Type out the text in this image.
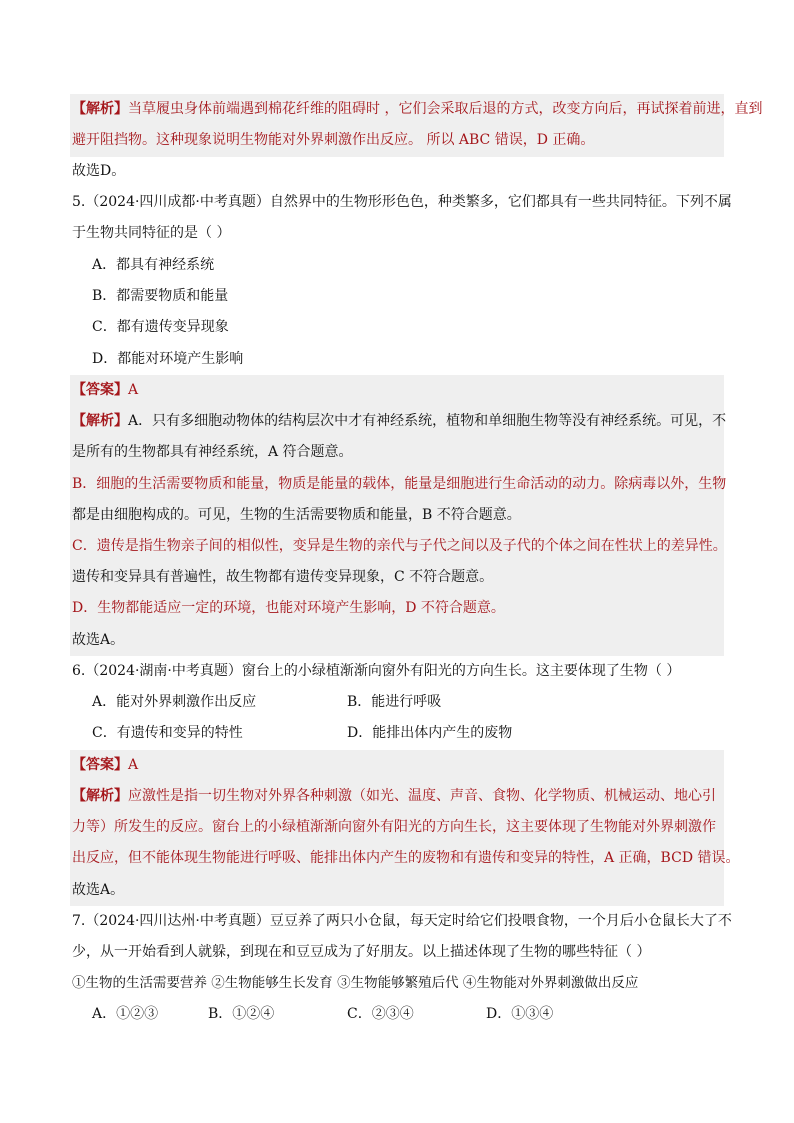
【解析】当草履虫身体前端遇到棉花纤维的阻碍时 ，它们会采取后退的方式，改变方向后，再试探着前进，直到
避开阻挡物。这种现象说明生物能对外界刺激作出反应。 所以 ABC 错误，D 正确。
故选D。
5.（2024·四川成都·中考真题）自然界中的生物形形色色，种类繁多，它们都具有一些共同特征。下列不属
于生物共同特征的是（ ）
A．都具有神经系统
B．都需要物质和能量
C．都有遗传变异现象
D．都能对环境产生影响
【答案】A
【解析】A．只有多细胞动物体的结构层次中才有神经系统，植物和单细胞生物等没有神经系统。可见，不
是所有的生物都具有神经系统，A 符合题意。
B．细胞的生活需要物质和能量，物质是能量的载体，能量是细胞进行生命活动的动力。除病毒以外，生物
都是由细胞构成的。可见，生物的生活需要物质和能量，B 不符合题意。
C．遗传是指生物亲子间的相似性，变异是生物的亲代与子代之间以及子代的个体之间在性状上的差异性。
遗传和变异具有普遍性，故生物都有遗传变异现象，C 不符合题意。
D．生物都能适应一定的环境，也能对环境产生影响，D 不符合题意。
故选A。
6.（2024·湖南·中考真题）窗台上的小绿植渐渐向窗外有阳光的方向生长。这主要体现了生物（ ）
A．能对外界刺激作出反应	B．能进行呼吸
C．有遗传和变异的特性	D．能排出体内产生的废物
【答案】A
【解析】应激性是指一切生物对外界各种刺激（如光、温度、声音、食物、化学物质、机械运动、地心引
力等）所发生的反应。窗台上的小绿植渐渐向窗外有阳光的方向生长，这主要体现了生物能对外界刺激作
出反应，但不能体现生物能进行呼吸、能排出体内产生的废物和有遗传和变异的特性，A 正确，BCD 错误。
故选A。
7.（2024·四川达州·中考真题）豆豆养了两只小仓鼠，每天定时给它们投喂食物，一个月后小仓鼠长大了不
少，从一开始看到人就躲，到现在和豆豆成为了好朋友。以上描述体现了生物的哪些特征（ ）
①生物的生活需要营养 ②生物能够生长发育 ③生物能够繁殖后代 ④生物能对外界刺激做出反应
A．①②③	B．①②④	C．②③④	D．①③④
